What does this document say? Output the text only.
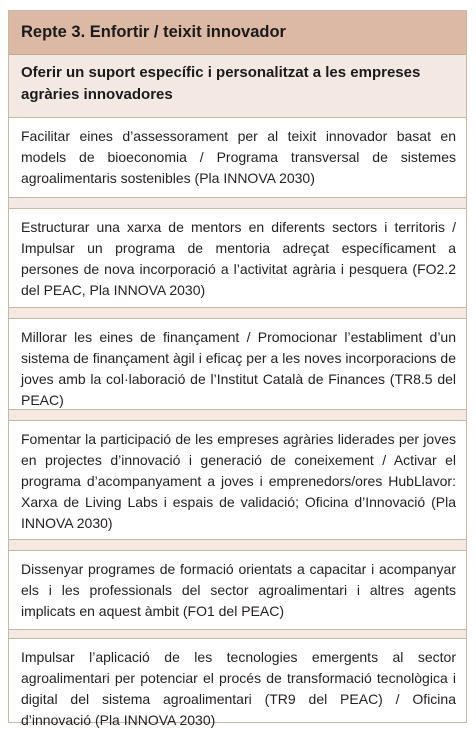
Repte 3. Enfortir / teixit innovador
Oferir un suport específic i personalitzat a les empreses agràries innovadores
Facilitar eines d’assessorament per al teixit innovador basat en models de bioeconomia / Programa transversal de sistemes agroalimentaris sostenibles (Pla INNOVA 2030)
Estructurar una xarxa de mentors en diferents sectors i territoris / Impulsar un programa de mentoria adreçat específicament a persones de nova incorporació a l’activitat agrària i pesquera (FO2.2 del PEAC, Pla INNOVA 2030)
Millorar les eines de finançament / Promocionar l’establiment d’un sistema de finançament àgil i eficaç per a les noves incorporacions de joves amb la col·laboració de l’Institut Català de Finances (TR8.5 del PEAC)
Fomentar la participació de les empreses agràries liderades per joves en projectes d’innovació i generació de coneixement / Activar el programa d’acompanyament a joves i emprenedors/ores HubLlavor: Xarxa de Living Labs i espais de validació; Oficina d’Innovació (Pla INNOVA 2030)
Dissenyar programes de formació orientats a capacitar i acompanyar els i les professionals del sector agroalimentari i altres agents implicats en aquest àmbit (FO1 del PEAC)
Impulsar l’aplicació de les tecnologies emergents al sector agroalimentari per potenciar el procés de transformació tecnològica i digital del sistema agroalimentari (TR9 del PEAC) / Oficina d’innovació (Pla INNOVA 2030)
